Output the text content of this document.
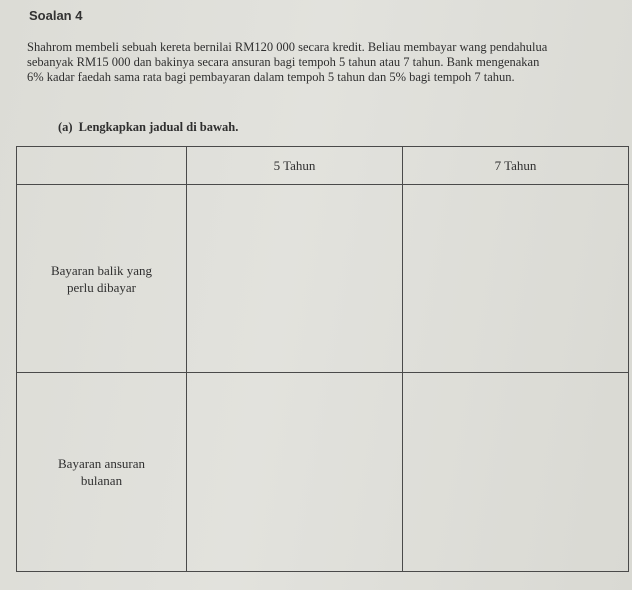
Soalan 4
Shahrom membeli sebuah kereta bernilai RM120 000 secara kredit. Beliau membayar wang pendahulua
sebanyak RM15 000 dan bakinya secara ansuran bagi tempoh 5 tahun atau 7 tahun. Bank mengenakan
6% kadar faedah sama rata bagi pembayaran dalam tempoh 5 tahun dan 5% bagi tempoh 7 tahun.
(a) Lengkapkan jadual di bawah.
	5 Tahun	7 Tahun
Bayaran balik yang
perlu dibayar		
Bayaran ansuran
bulanan		
